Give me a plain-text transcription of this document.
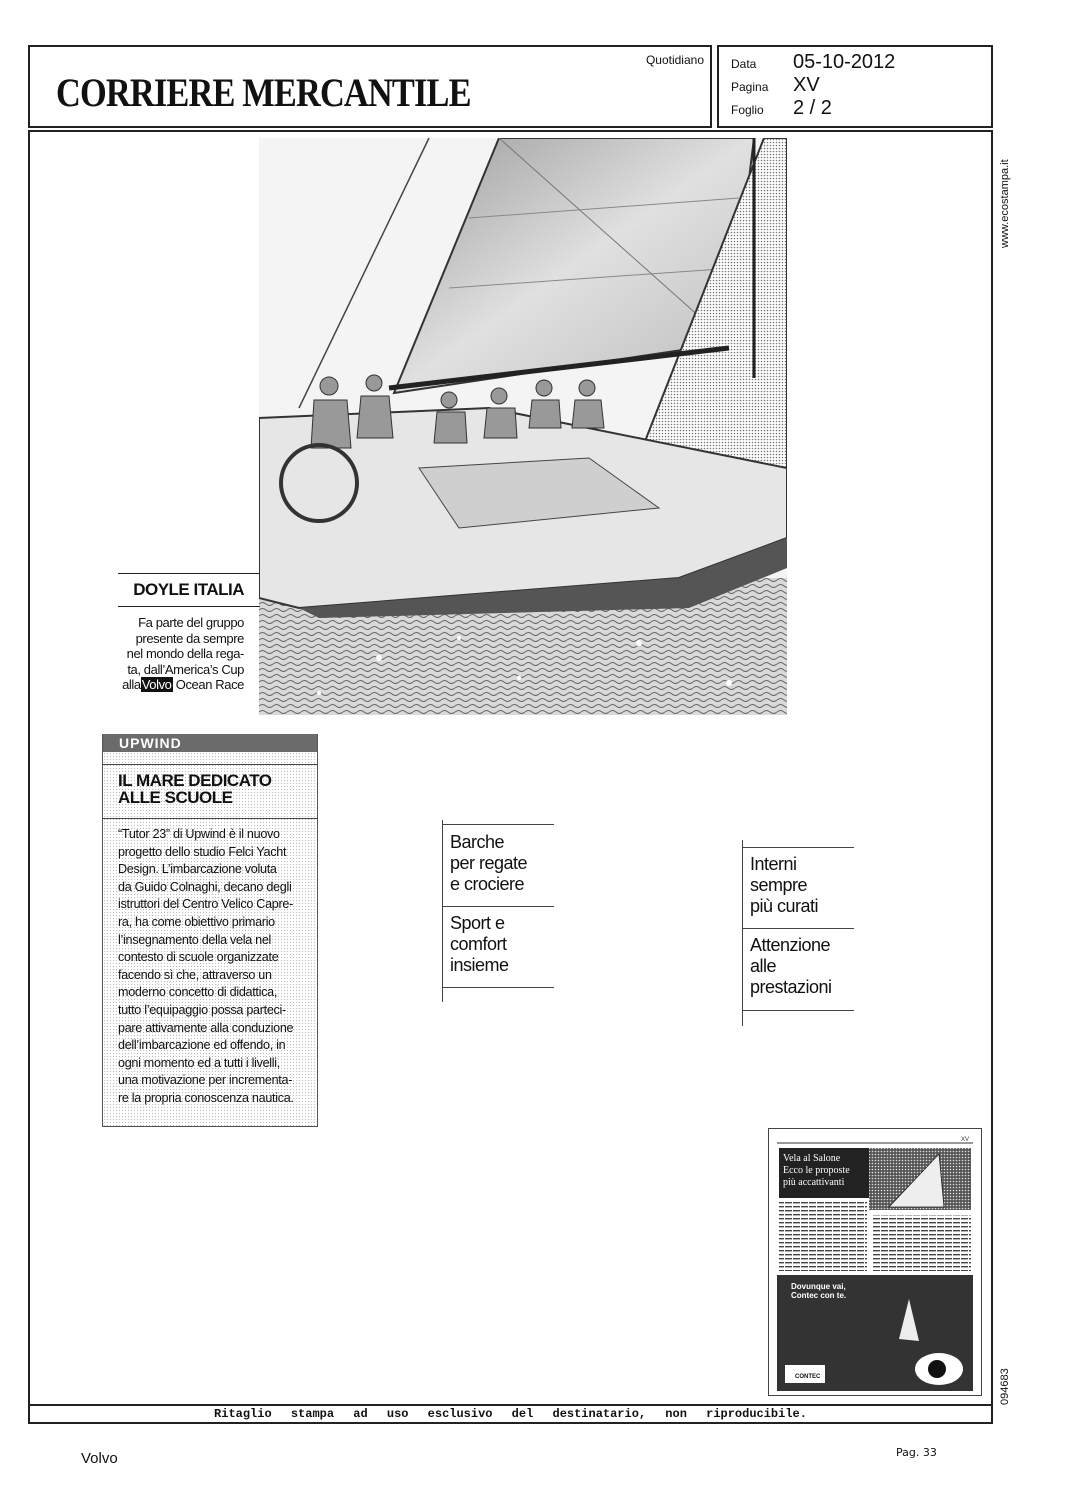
CORRIERE MERCANTILE
Quotidiano Data	05-10-2012
Pagina	XV
Foglio	2 / 2
www.ecostampa.it
094683
DOYLE ITALIA

Fa parte del gruppo
presente da sempre
nel mondo della rega-
ta, dall’America’s Cup
allaVolvo Ocean Race

UPWIND
IL MARE DEDICATO
ALLE SCUOLE

“Tutor 23” di Upwind è il nuovo
progetto dello studio Felci Yacht
Design. L’imbarcazione voluta
da Guido Colnaghi, decano degli
istruttori del Centro Velico Capre-
ra, ha come obiettivo primario
l’insegnamento della vela nel
contesto di scuole organizzate
facendo sì che, attraverso un
moderno concetto di didattica,
tutto l’equipaggio possa parteci-
pare attivamente alla conduzione
dell’imbarcazione ed offendo, in
ogni momento ed a tutti i livelli,
una motivazione per incrementa-
re la propria conoscenza nautica.

Barche
per regate
e crociere
Sport e
comfort
insieme
Interni
sempre
più curati
Attenzione
alle
prestazioni
XV
Vela al Salone
Ecco le proposte
più accattivanti
Dovunque vai,
Contec con te.
CONTEC
Ritaglio stampa ad uso esclusivo del destinatario, non riproducibile.
Volvo	Pag. 33
